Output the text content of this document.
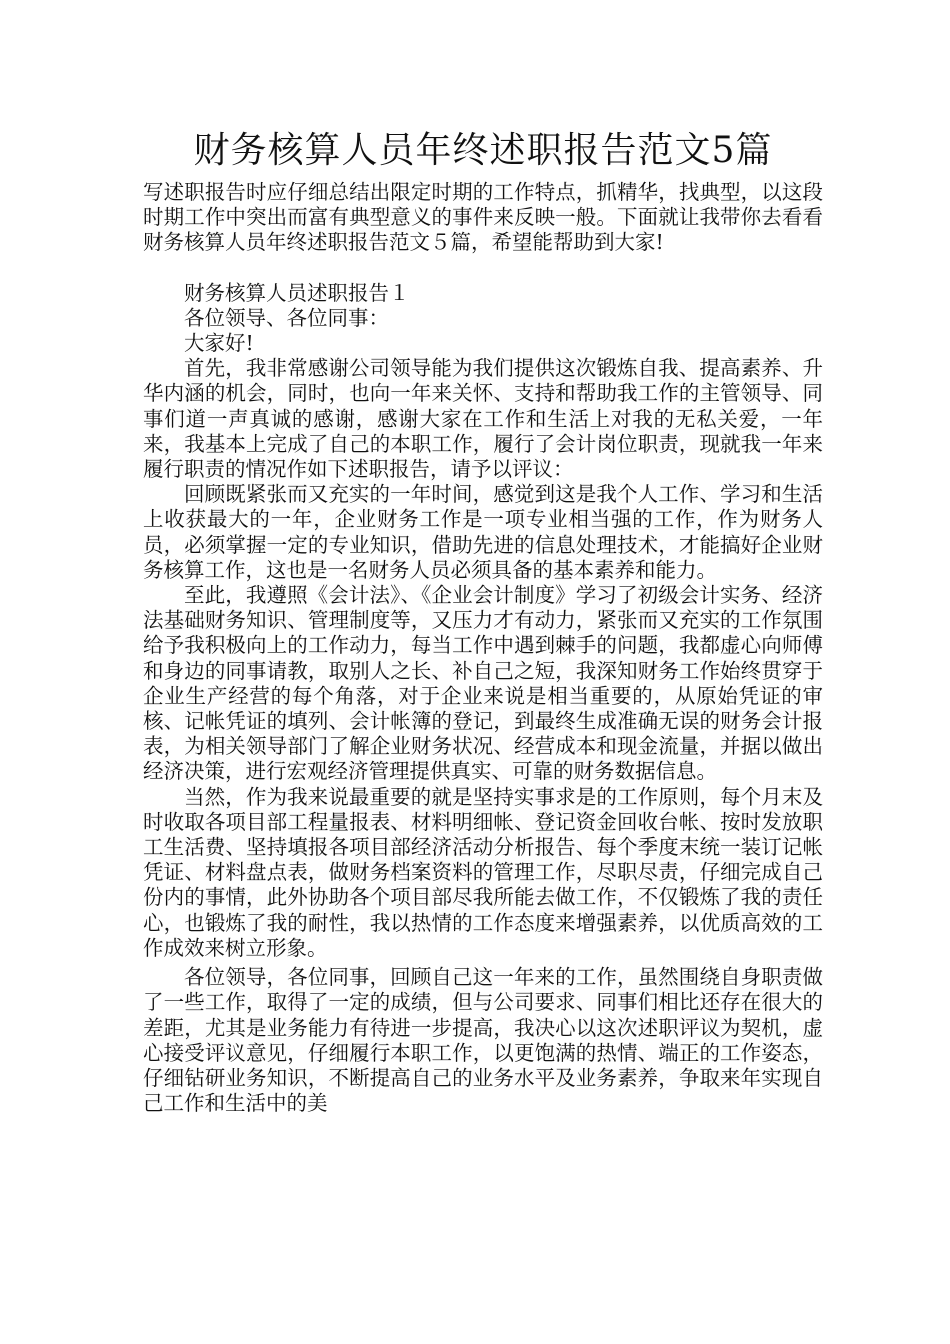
财务核算人员年终述职报告范文5篇

写述职报告时应仔细总结出限定时期的工作特点，抓精华，找典型，以这段时期工作中突出而富有典型意义的事件来反映一般。下面就让我带你去看看财务核算人员年终述职报告范文５篇，希望能帮助到大家!

财务核算人员述职报告１

各位领导、各位同事：

大家好!

首先，我非常感谢公司领导能为我们提供这次锻炼自我、提高素养、升华内涵的机会，同时，也向一年来关怀、支持和帮助我工作的主管领导、同事们道一声真诚的感谢，感谢大家在工作和生活上对我的无私关爱，一年来，我基本上完成了自己的本职工作，履行了会计岗位职责，现就我一年来履行职责的情况作如下述职报告，请予以评议：

回顾既紧张而又充实的一年时间，感觉到这是我个人工作、学习和生活上收获最大的一年，企业财务工作是一项专业相当强的工作，作为财务人员，必须掌握一定的专业知识，借助先进的信息处理技术，才能搞好企业财务核算工作，这也是一名财务人员必须具备的基本素养和能力。

至此，我遵照《会计法》、《企业会计制度》学习了初级会计实务、经济法基础财务知识、管理制度等，又压力才有动力，紧张而又充实的工作氛围给予我积极向上的工作动力，每当工作中遇到棘手的问题，我都虚心向师傅和身边的同事请教，取别人之长、补自己之短，我深知财务工作始终贯穿于企业生产经营的每个角落，对于企业来说是相当重要的，从原始凭证的审核、记帐凭证的填列、会计帐簿的登记，到最终生成准确无误的财务会计报表，为相关领导部门了解企业财务状况、经营成本和现金流量，并据以做出经济决策，进行宏观经济管理提供真实、可靠的财务数据信息。

当然，作为我来说最重要的就是坚持实事求是的工作原则，每个月末及时收取各项目部工程量报表、材料明细帐、登记资金回收台帐、按时发放职工生活费、坚持填报各项目部经济活动分析报告、每个季度末统一装订记帐凭证、材料盘点表，做财务档案资料的管理工作，尽职尽责，仔细完成自己份内的事情，此外协助各个项目部尽我所能去做工作，不仅锻炼了我的责任心，也锻炼了我的耐性，我以热情的工作态度来增强素养，以优质高效的工作成效来树立形象。

各位领导，各位同事，回顾自己这一年来的工作，虽然围绕自身职责做了一些工作，取得了一定的成绩，但与公司要求、同事们相比还存在很大的差距，尤其是业务能力有待进一步提高，我决心以这次述职评议为契机，虚心接受评议意见，仔细履行本职工作，以更饱满的热情、端正的工作姿态，仔细钻研业务知识，不断提高自己的业务水平及业务素养，争取来年实现自己工作和生活中的美
